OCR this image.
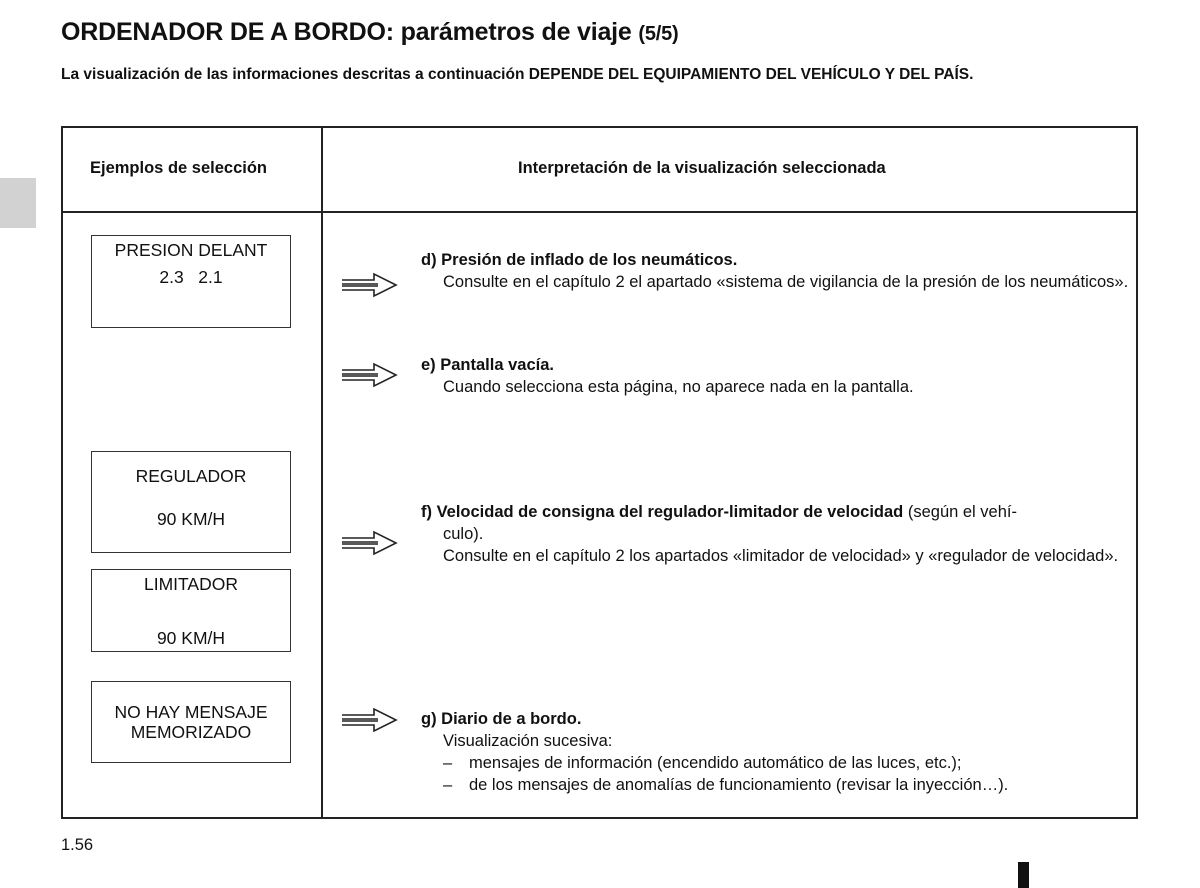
ORDENADOR DE A BORDO: parámetros de viaje (5/5)
La visualización de las informaciones descritas a continuación DEPENDE DEL EQUIPAMIENTO DEL VEHÍCULO Y DEL PAÍS.
Ejemplos de selección	Interpretación de la visualización seleccionada
PRESION DELANT
2.3   2.1
REGULADOR
90 KM/H
LIMITADOR
90 KM/H
NO HAY MENSAJE
MEMORIZADO
d) Presión de inflado de los neumáticos.
Consulte en el capítulo 2 el apartado «sistema de vigilancia de la presión de los neumáticos».
e) Pantalla vacía.
Cuando selecciona esta página, no aparece nada en la pantalla.
f) Velocidad de consigna del regulador-limitador de velocidad (según el vehí-
culo).
Consulte en el capítulo 2 los apartados «limitador de velocidad» y «regulador de velocidad».
g) Diario de a bordo.
Visualización sucesiva:
– mensajes de información (encendido automático de las luces, etc.);
– de los mensajes de anomalías de funcionamiento (revisar la inyección…).
1.56
